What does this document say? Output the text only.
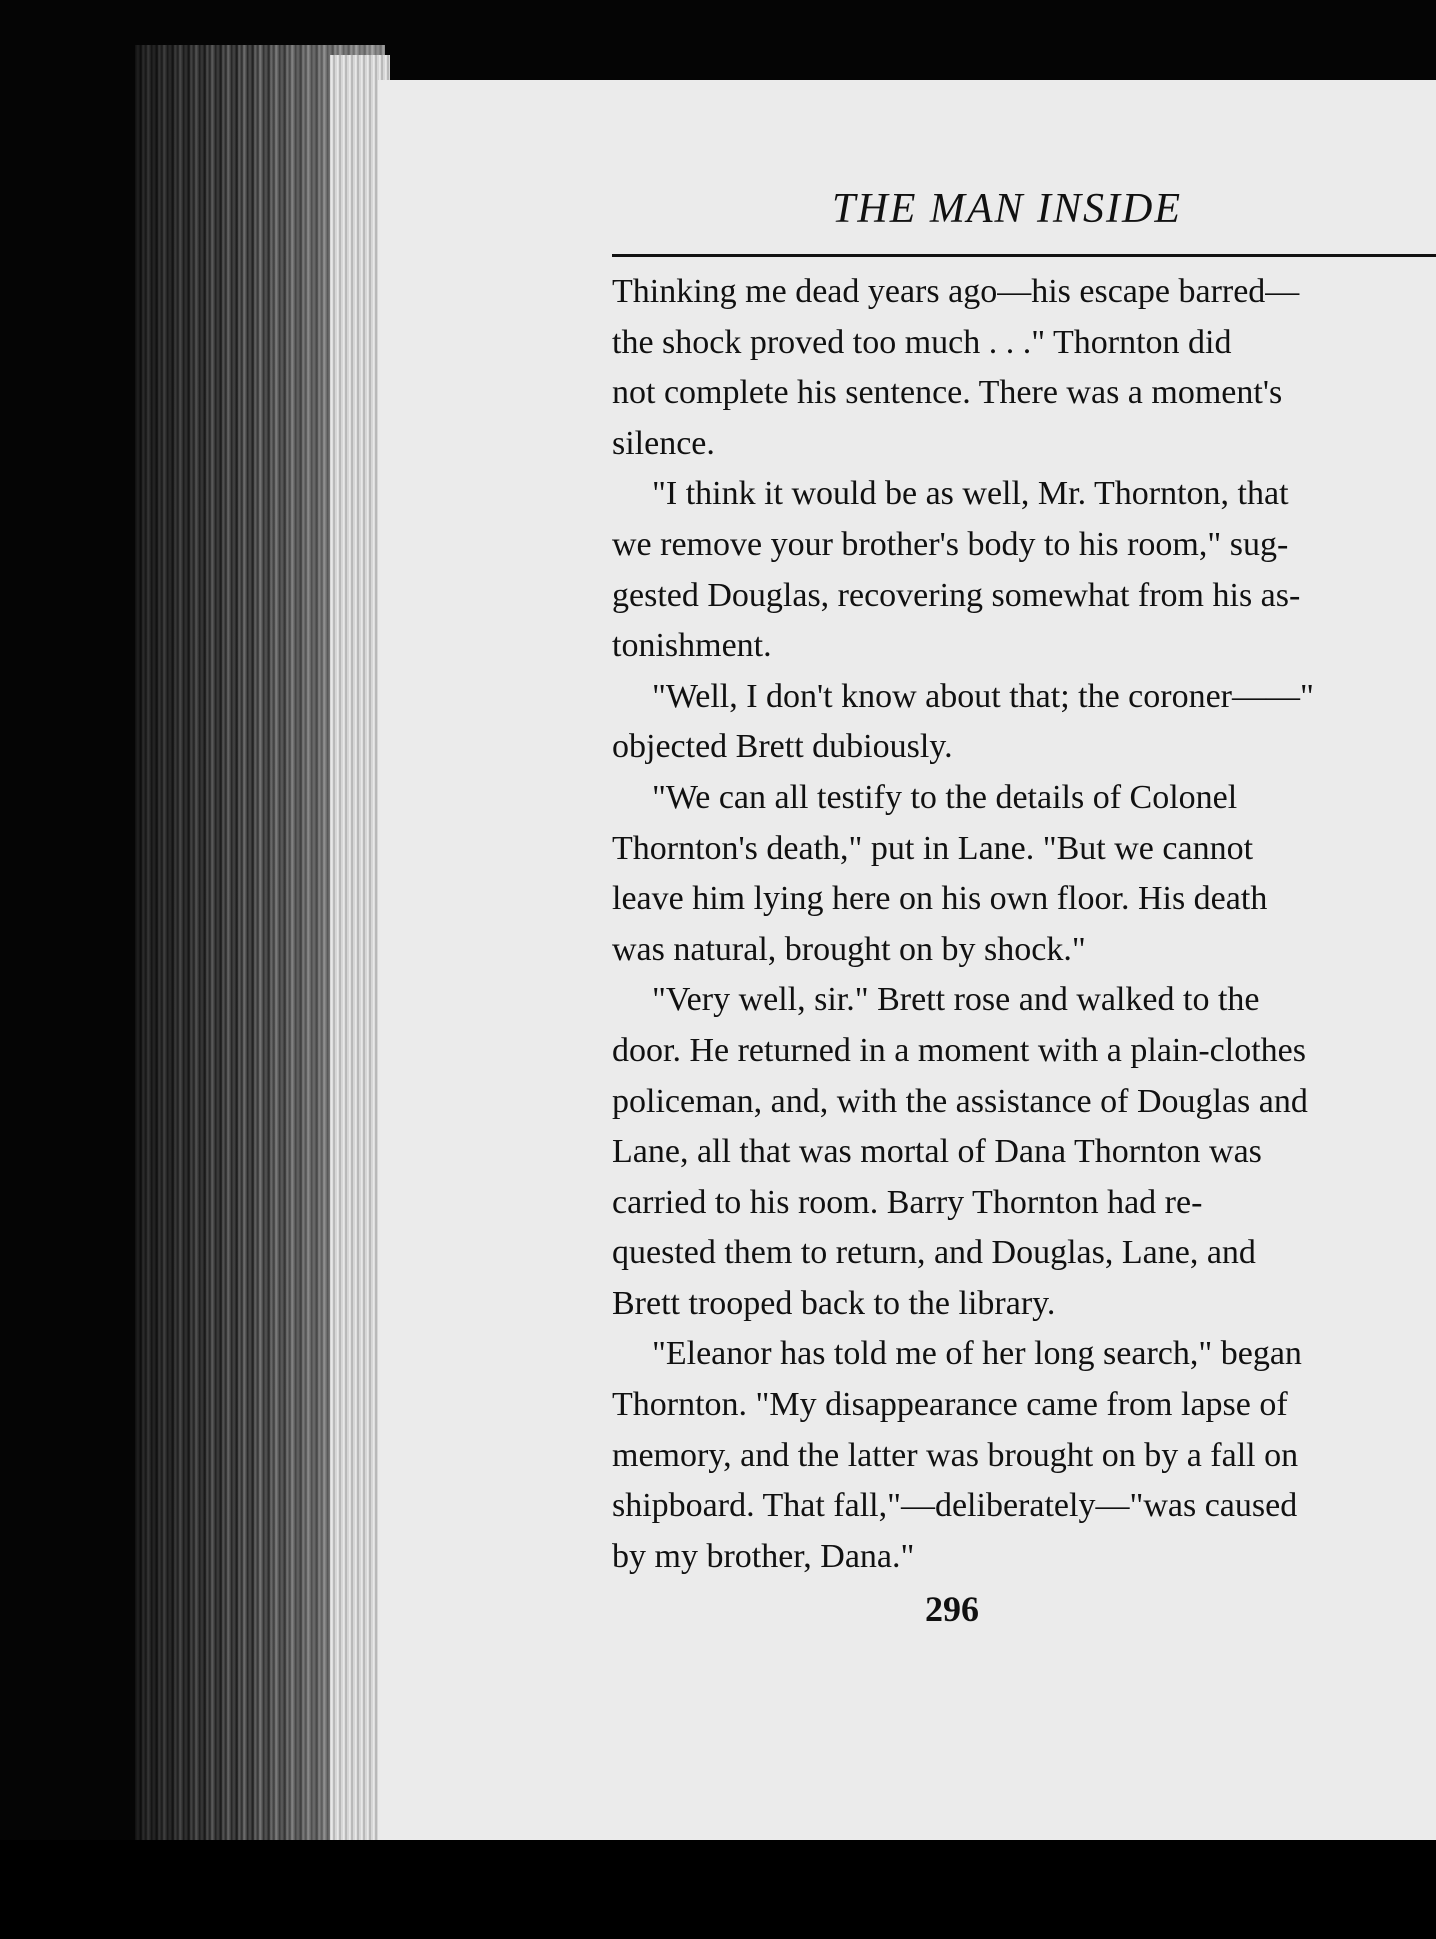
THE MAN INSIDE
Thinking me dead years ago—his escape barred—
the shock proved too much . . ." Thornton did
not complete his sentence. There was a moment's
silence.
"I think it would be as well, Mr. Thornton, that
we remove your brother's body to his room," sug-
gested Douglas, recovering somewhat from his as-
tonishment.
"Well, I don't know about that; the coroner——"
objected Brett dubiously.
"We can all testify to the details of Colonel
Thornton's death," put in Lane. "But we cannot
leave him lying here on his own floor. His death
was natural, brought on by shock."
"Very well, sir." Brett rose and walked to the
door. He returned in a moment with a plain-clothes
policeman, and, with the assistance of Douglas and
Lane, all that was mortal of Dana Thornton was
carried to his room. Barry Thornton had re-
quested them to return, and Douglas, Lane, and
Brett trooped back to the library.
"Eleanor has told me of her long search," began
Thornton. "My disappearance came from lapse of
memory, and the latter was brought on by a fall on
shipboard. That fall,"—deliberately—"was caused
by my brother, Dana."
296
